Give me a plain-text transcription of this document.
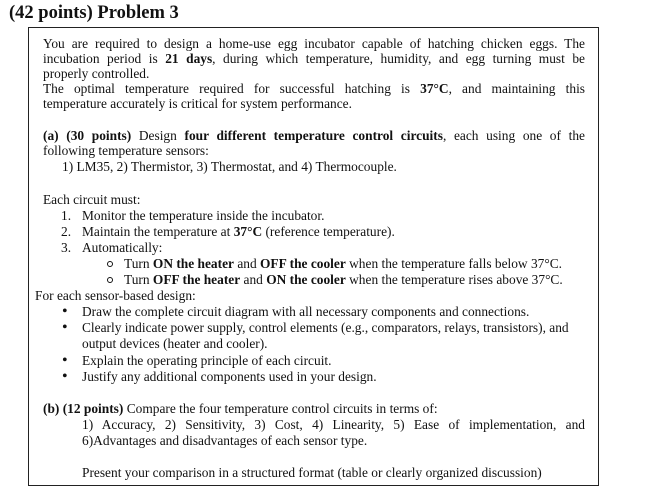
(42 points) Problem 3
You are required to design a home-use egg incubator capable of hatching chicken eggs. The
incubation period is 21 days, during which temperature, humidity, and egg turning must be
properly controlled.
The optimal temperature required for successful hatching is 37°C, and maintaining this
temperature accurately is critical for system performance.
(a) (30 points) Design four different temperature control circuits, each using one of the
following temperature sensors:
1) LM35, 2) Thermistor, 3) Thermostat, and 4) Thermocouple.
Each circuit must:
1. Monitor the temperature inside the incubator.
2. Maintain the temperature at 37°C (reference temperature).
3. Automatically:
Turn ON the heater and OFF the cooler when the temperature falls below 37°C.
Turn OFF the heater and ON the cooler when the temperature rises above 37°C.
For each sensor-based design:
• Draw the complete circuit diagram with all necessary components and connections.
• Clearly indicate power supply, control elements (e.g., comparators, relays, transistors), and
output devices (heater and cooler).
• Explain the operating principle of each circuit.
• Justify any additional components used in your design.
(b) (12 points) Compare the four temperature control circuits in terms of:
1) Accuracy, 2) Sensitivity, 3) Cost, 4) Linearity, 5) Ease of implementation, and
6)Advantages and disadvantages of each sensor type.
Present your comparison in a structured format (table or clearly organized discussion)
